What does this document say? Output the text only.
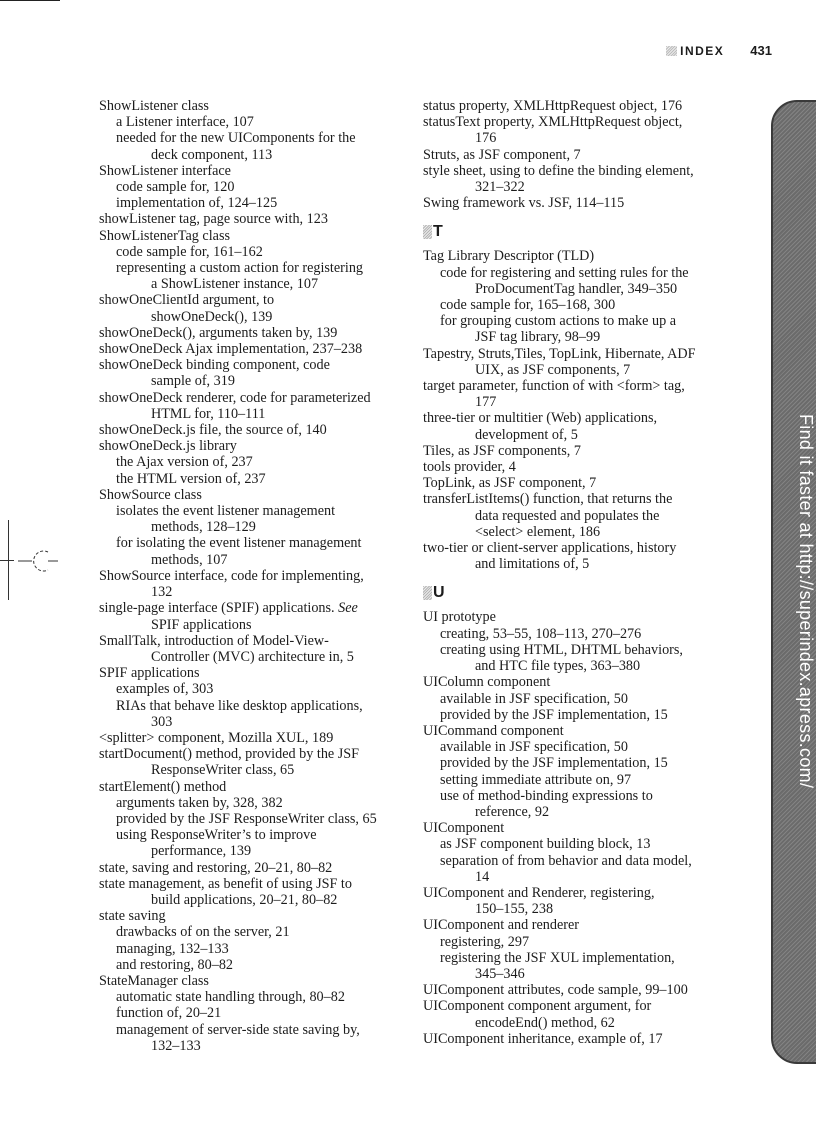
INDEX 431
ShowListener class
a Listener interface, 107
needed for the new UIComponents for the
deck component, 113
ShowListener interface
code sample for, 120
implementation of, 124–125
showListener tag, page source with, 123
ShowListenerTag class
code sample for, 161–162
representing a custom action for registering
a ShowListener instance, 107
showOneClientId argument, to
showOneDeck(), 139
showOneDeck(), arguments taken by, 139
showOneDeck Ajax implementation, 237–238
showOneDeck binding component, code
sample of, 319
showOneDeck renderer, code for parameterized
HTML for, 110–111
showOneDeck.js file, the source of, 140
showOneDeck.js library
the Ajax version of, 237
the HTML version of, 237
ShowSource class
isolates the event listener management
methods, 128–129
for isolating the event listener management
methods, 107
ShowSource interface, code for implementing,
132
single-page interface (SPIF) applications. See
SPIF applications
SmallTalk, introduction of Model-View-
Controller (MVC) architecture in, 5
SPIF applications
examples of, 303
RIAs that behave like desktop applications,
303
<splitter> component, Mozilla XUL, 189
startDocument() method, provided by the JSF
ResponseWriter class, 65
startElement() method
arguments taken by, 328, 382
provided by the JSF ResponseWriter class, 65
using ResponseWriter’s to improve
performance, 139
state, saving and restoring, 20–21, 80–82
state management, as benefit of using JSF to
build applications, 20–21, 80–82
state saving
drawbacks of on the server, 21
managing, 132–133
and restoring, 80–82
StateManager class
automatic state handling through, 80–82
function of, 20–21
management of server-side state saving by,
132–133
status property, XMLHttpRequest object, 176
statusText property, XMLHttpRequest object,
176
Struts, as JSF component, 7
style sheet, using to define the binding element,
321–322
Swing framework vs. JSF, 114–115
T
Tag Library Descriptor (TLD)
code for registering and setting rules for the
ProDocumentTag handler, 349–350
code sample for, 165–168, 300
for grouping custom actions to make up a
JSF tag library, 98–99
Tapestry, Struts,Tiles, TopLink, Hibernate, ADF
UIX, as JSF components, 7
target parameter, function of with <form> tag,
177
three-tier or multitier (Web) applications,
development of, 5
Tiles, as JSF components, 7
tools provider, 4
TopLink, as JSF component, 7
transferListItems() function, that returns the
data requested and populates the
<select> element, 186
two-tier or client-server applications, history
and limitations of, 5
U
UI prototype
creating, 53–55, 108–113, 270–276
creating using HTML, DHTML behaviors,
and HTC file types, 363–380
UIColumn component
available in JSF specification, 50
provided by the JSF implementation, 15
UICommand component
available in JSF specification, 50
provided by the JSF implementation, 15
setting immediate attribute on, 97
use of method-binding expressions to
reference, 92
UIComponent
as JSF component building block, 13
separation of from behavior and data model,
14
UIComponent and Renderer, registering,
150–155, 238
UIComponent and renderer
registering, 297
registering the JSF XUL implementation,
345–346
UIComponent attributes, code sample, 99–100
UIComponent component argument, for
encodeEnd() method, 62
UIComponent inheritance, example of, 17
Find it faster at http://superindex.apress.com/
